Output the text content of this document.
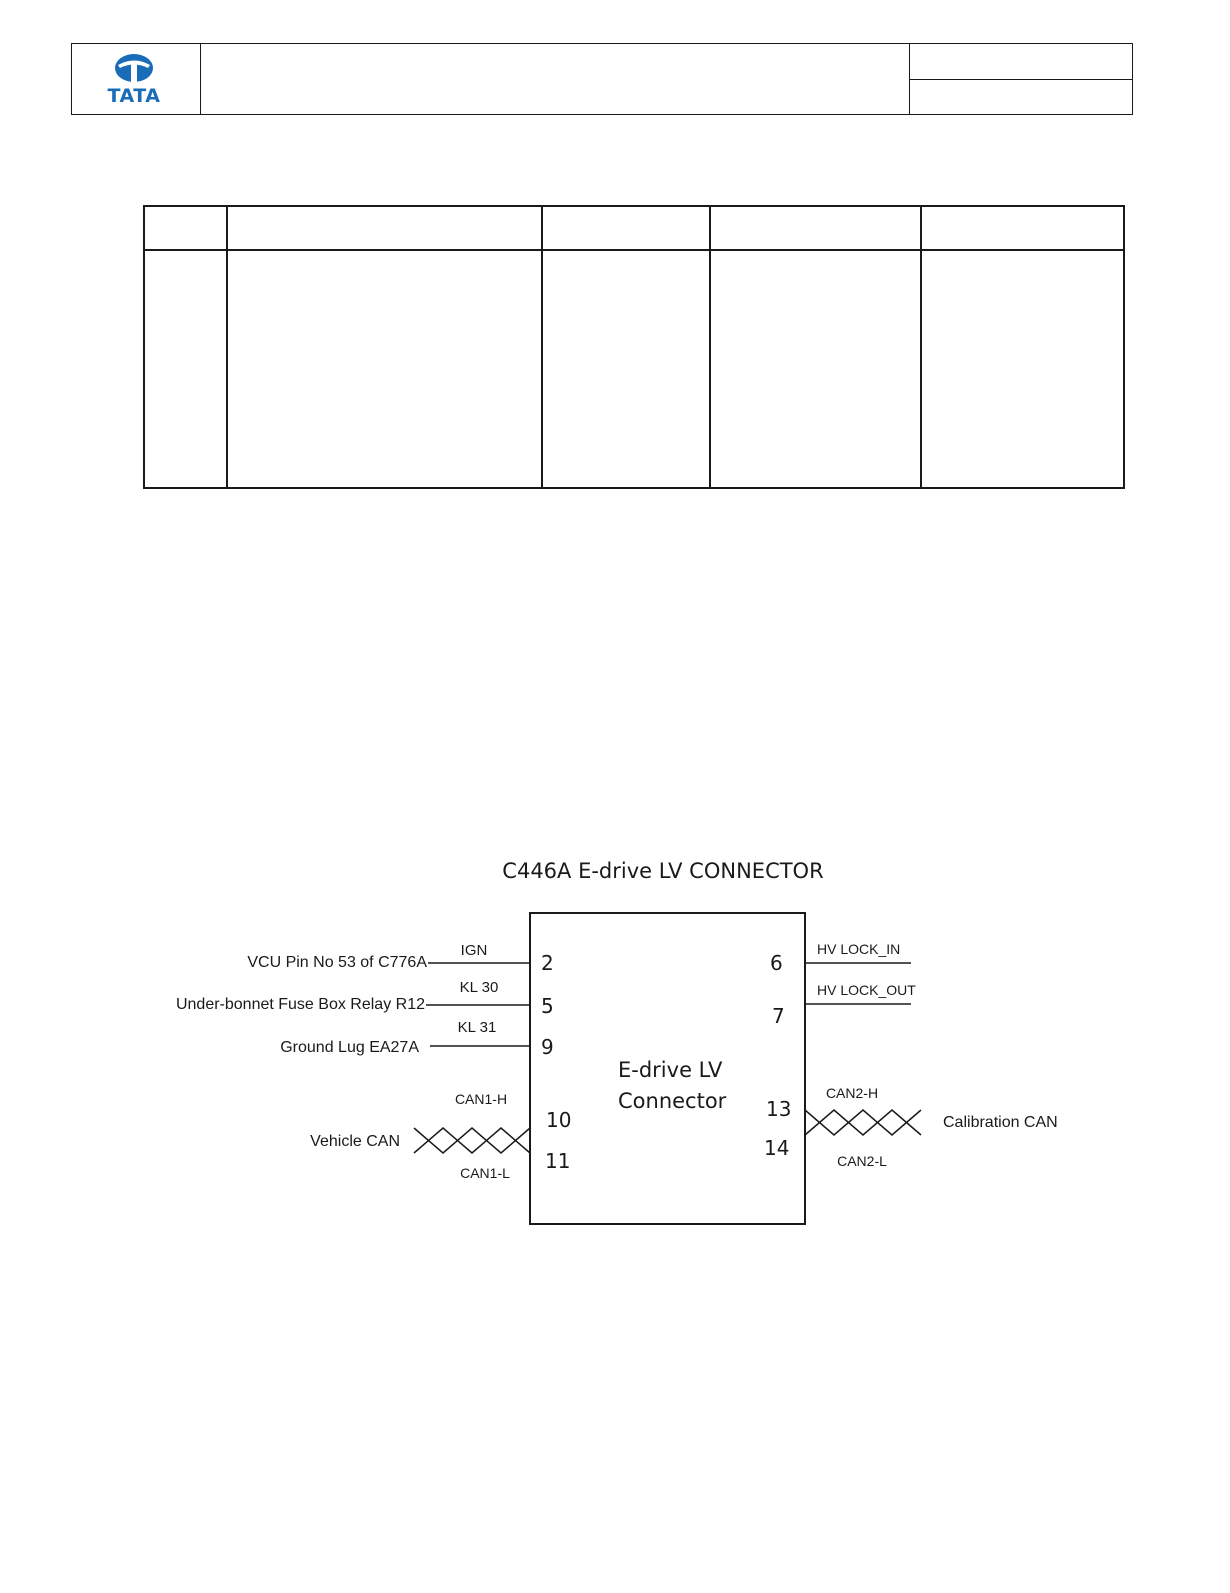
TATA
C446A E-drive LV CONNECTOR
E-drive LV
Connector
IGN
KL 30
KL 31
VCU Pin No 53 of C776A
Under-bonnet Fuse Box Relay R12
Ground Lug EA27A
2
5
9
10
11
CAN1-H
CAN1-L
Vehicle CAN
HV LOCK_IN
HV LOCK_OUT
6
7
13
14
CAN2-H
CAN2-L
Calibration CAN
